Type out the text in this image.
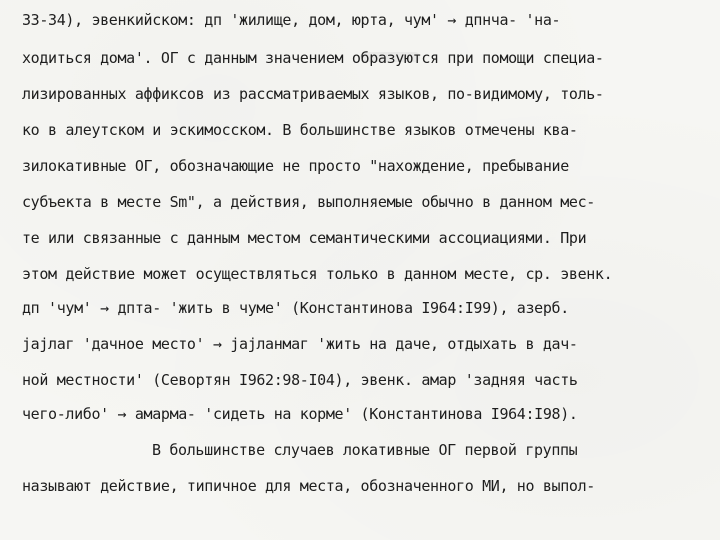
33-34), эвенкийском: дп 'жилище, дом, юрта, чум' → дпнча- 'на-
ходиться дома'. ОГ с данным значением образуются при помощи специа-
лизированных аффиксов из рассматриваемых языков, по-видимому, толь-
ко в алеутском и эскимосском. В большинстве языков отмечены ква-
зилокативные ОГ, обозначающие не просто "нахождение, пребывание
субъекта в месте Sm", а действия, выполняемые обычно в данном мес-
те или связанные с данным местом семантическими ассоциациями. При
этом действие может осуществляться только в данном месте, ср. эвенк.
дп 'чум' → дпта- 'жить в чуме' (Константинова I964:I99), азерб.
jajлаг 'дачное место' → jajланмаг 'жить на даче, отдыхать в дач-
ной местности' (Севортян I962:98-I04), эвенк. амар 'задняя часть
чего-либо' → амарма- 'сидеть на корме' (Константинова I964:I98).
В большинстве случаев локативные ОГ первой группы
называют действие, типичное для места, обозначенного МИ, но выпол-
